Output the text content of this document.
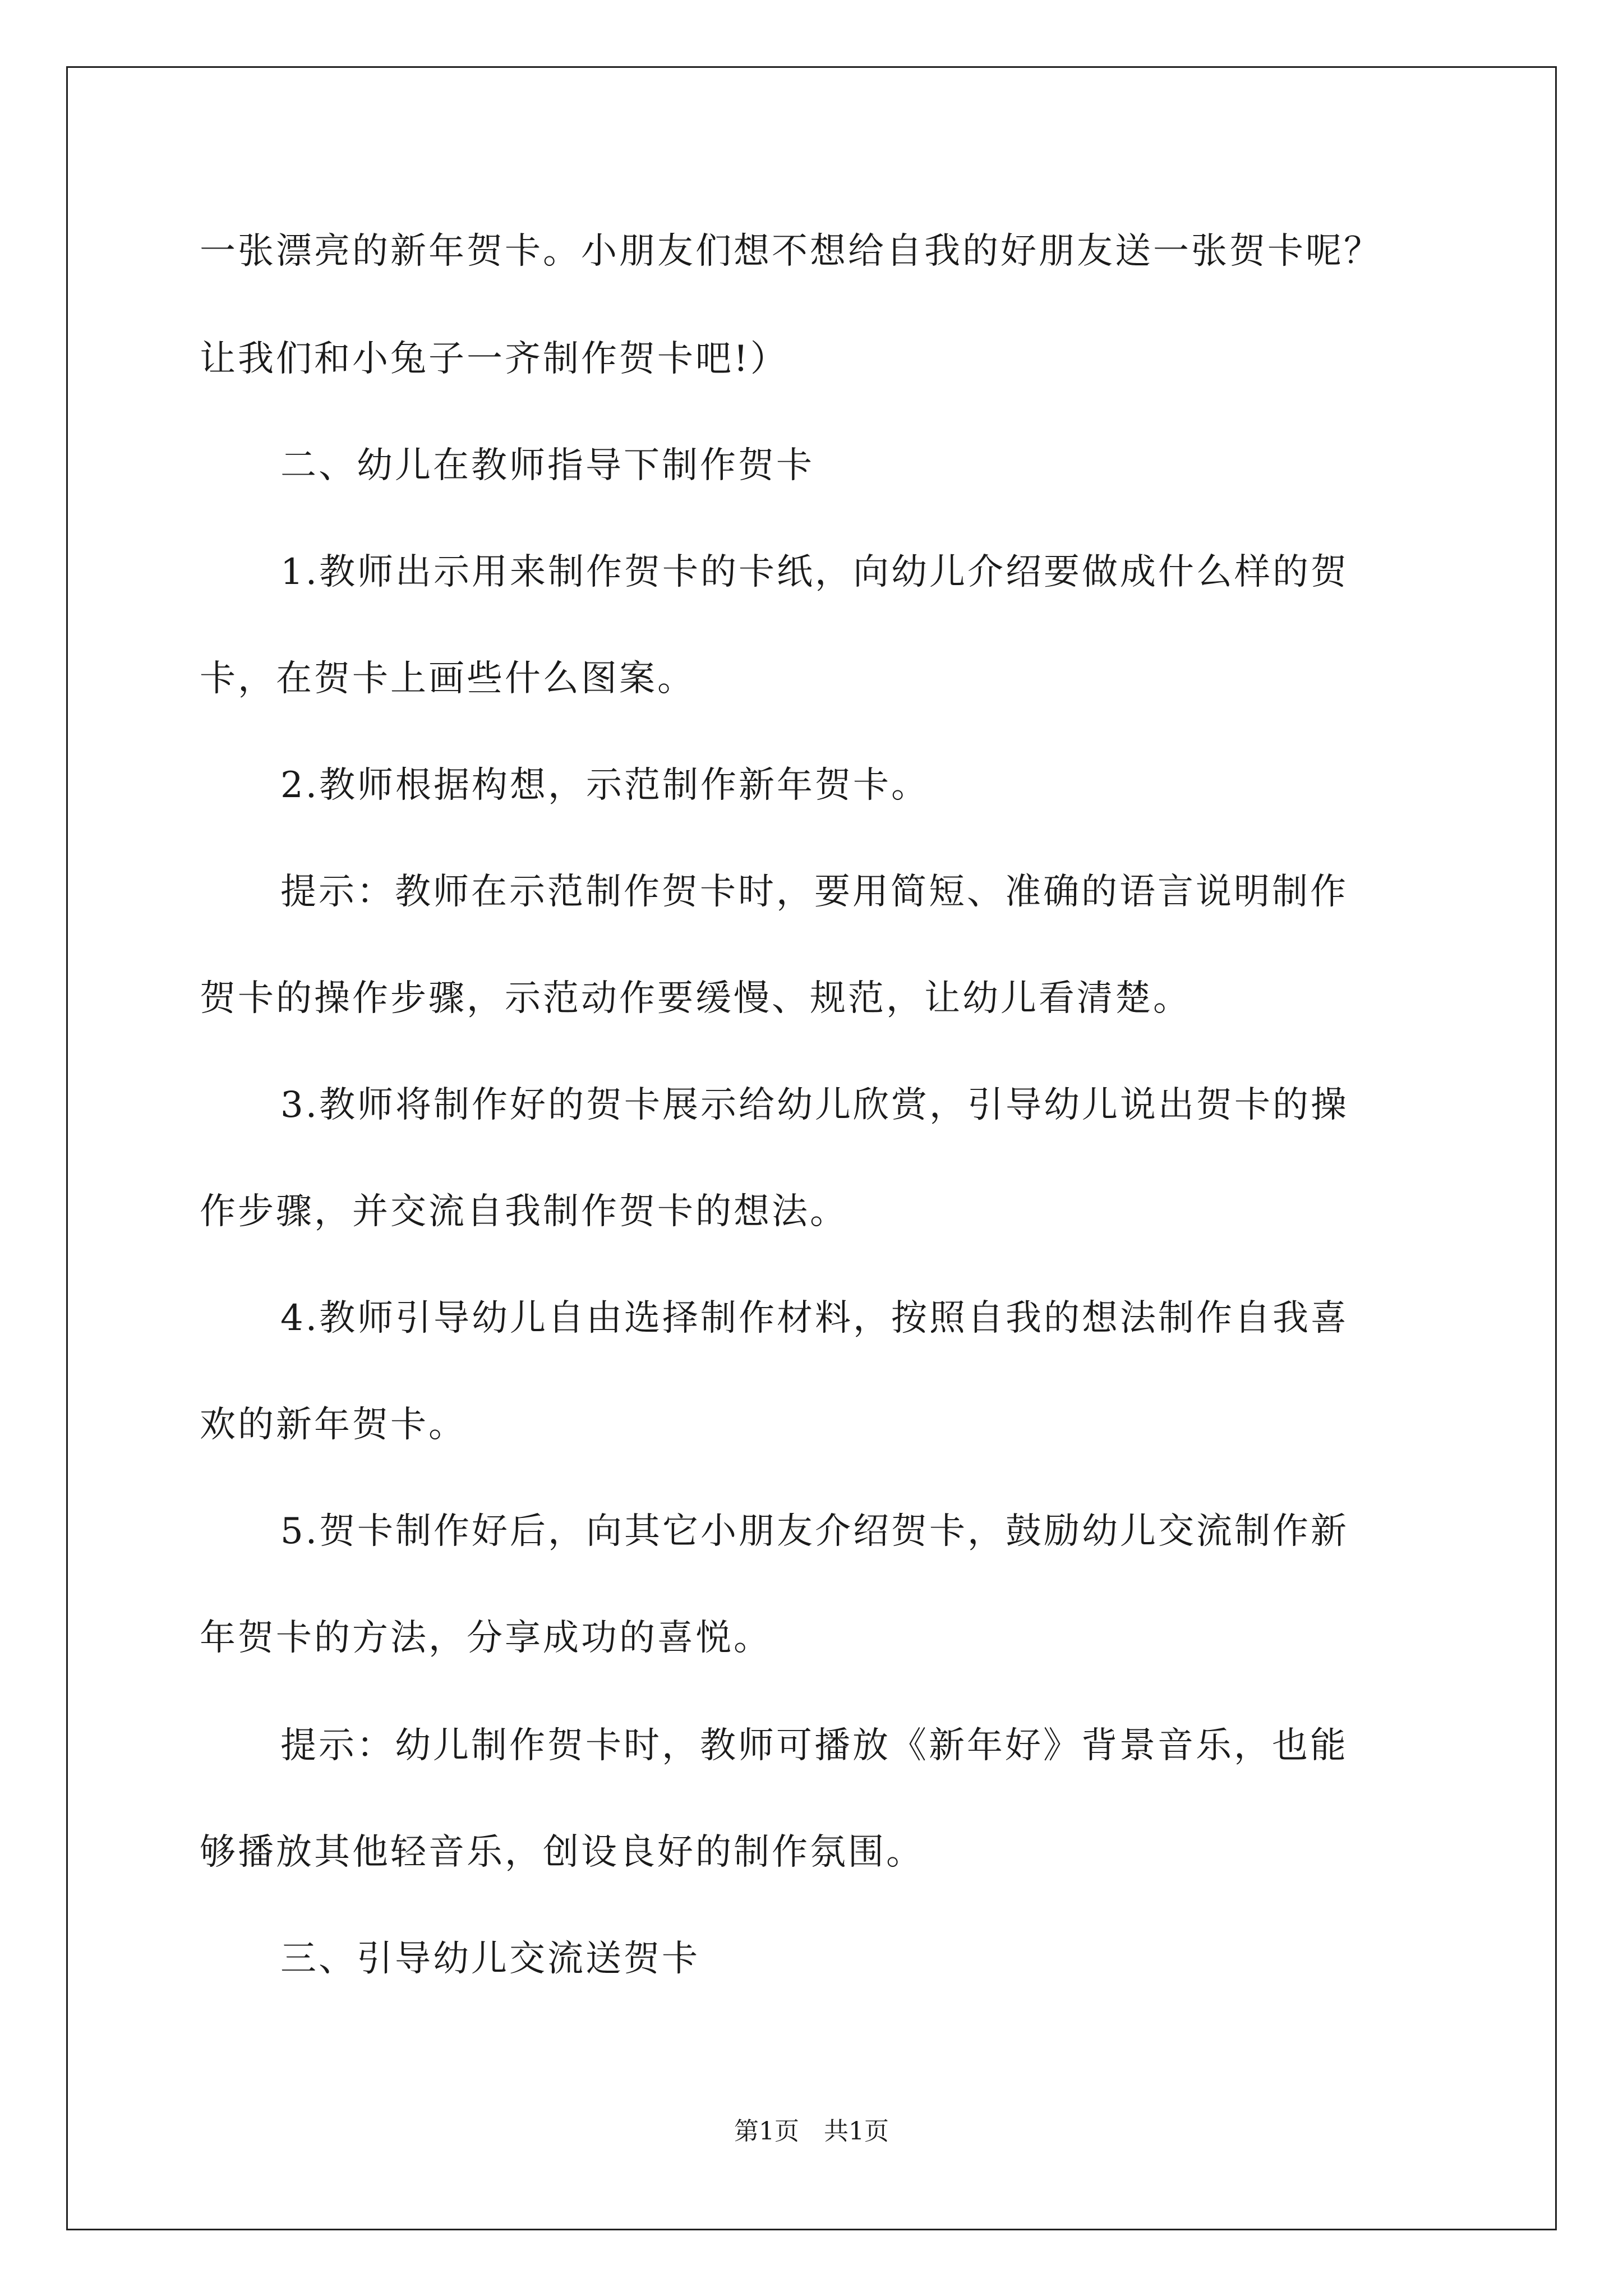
一张漂亮的新年贺卡。小朋友们想不想给自我的好朋友送一张贺卡呢？
让我们和小兔子一齐制作贺卡吧!）
二、幼儿在教师指导下制作贺卡
1.教师出示用来制作贺卡的卡纸，向幼儿介绍要做成什么样的贺
卡，在贺卡上画些什么图案。
2.教师根据构想，示范制作新年贺卡。
提示：教师在示范制作贺卡时，要用简短、准确的语言说明制作
贺卡的操作步骤，示范动作要缓慢、规范，让幼儿看清楚。
3.教师将制作好的贺卡展示给幼儿欣赏，引导幼儿说出贺卡的操
作步骤，并交流自我制作贺卡的想法。
4.教师引导幼儿自由选择制作材料，按照自我的想法制作自我喜
欢的新年贺卡。
5.贺卡制作好后，向其它小朋友介绍贺卡，鼓励幼儿交流制作新
年贺卡的方法，分享成功的喜悦。
提示：幼儿制作贺卡时，教师可播放《新年好》背景音乐，也能
够播放其他轻音乐，创设良好的制作氛围。
三、引导幼儿交流送贺卡
第1页　共1页
